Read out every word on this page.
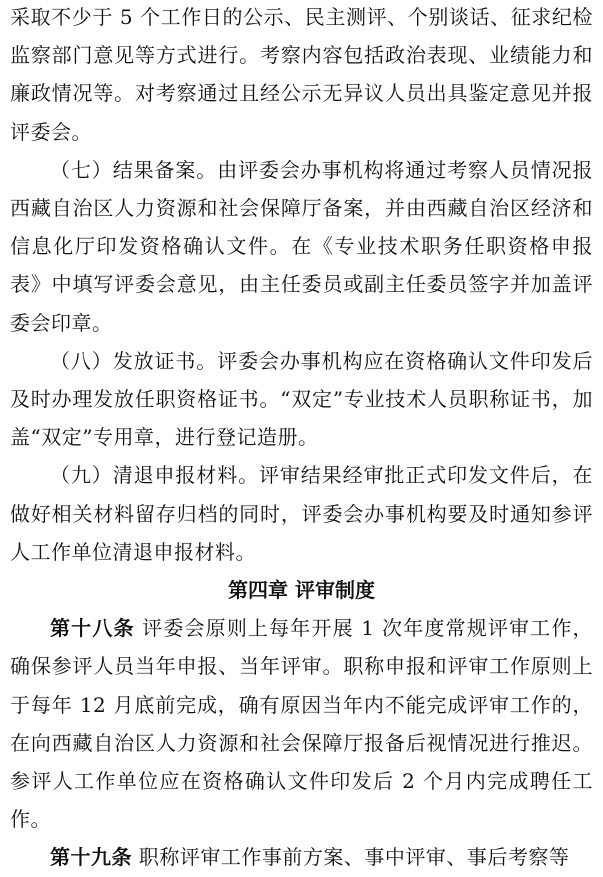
采取不少于 5 个工作日的公示、民主测评、个别谈话、征求纪检监察部门意见等方式进行。考察内容包括政治表现、业绩能力和廉政情况等。对考察通过且经公示无异议人员出具鉴定意见并报评委会。

（七）结果备案。由评委会办事机构将通过考察人员情况报西藏自治区人力资源和社会保障厅备案，并由西藏自治区经济和信息化厅印发资格确认文件。在《专业技术职务任职资格申报表》中填写评委会意见，由主任委员或副主任委员签字并加盖评委会印章。

（八）发放证书。评委会办事机构应在资格确认文件印发后及时办理发放任职资格证书。“双定”专业技术人员职称证书，加盖“双定”专用章，进行登记造册。

（九）清退申报材料。评审结果经审批正式印发文件后，在做好相关材料留存归档的同时，评委会办事机构要及时通知参评人工作单位清退申报材料。

第四章 评审制度

第十八条 评委会原则上每年开展 1 次年度常规评审工作，确保参评人员当年申报、当年评审。职称申报和评审工作原则上于每年 12 月底前完成，确有原因当年内不能完成评审工作的，在向西藏自治区人力资源和社会保障厅报备后视情况进行推迟。参评人工作单位应在资格确认文件印发后 2 个月内完成聘任工作。

第十九条 职称评审工作事前方案、事中评审、事后考察等
